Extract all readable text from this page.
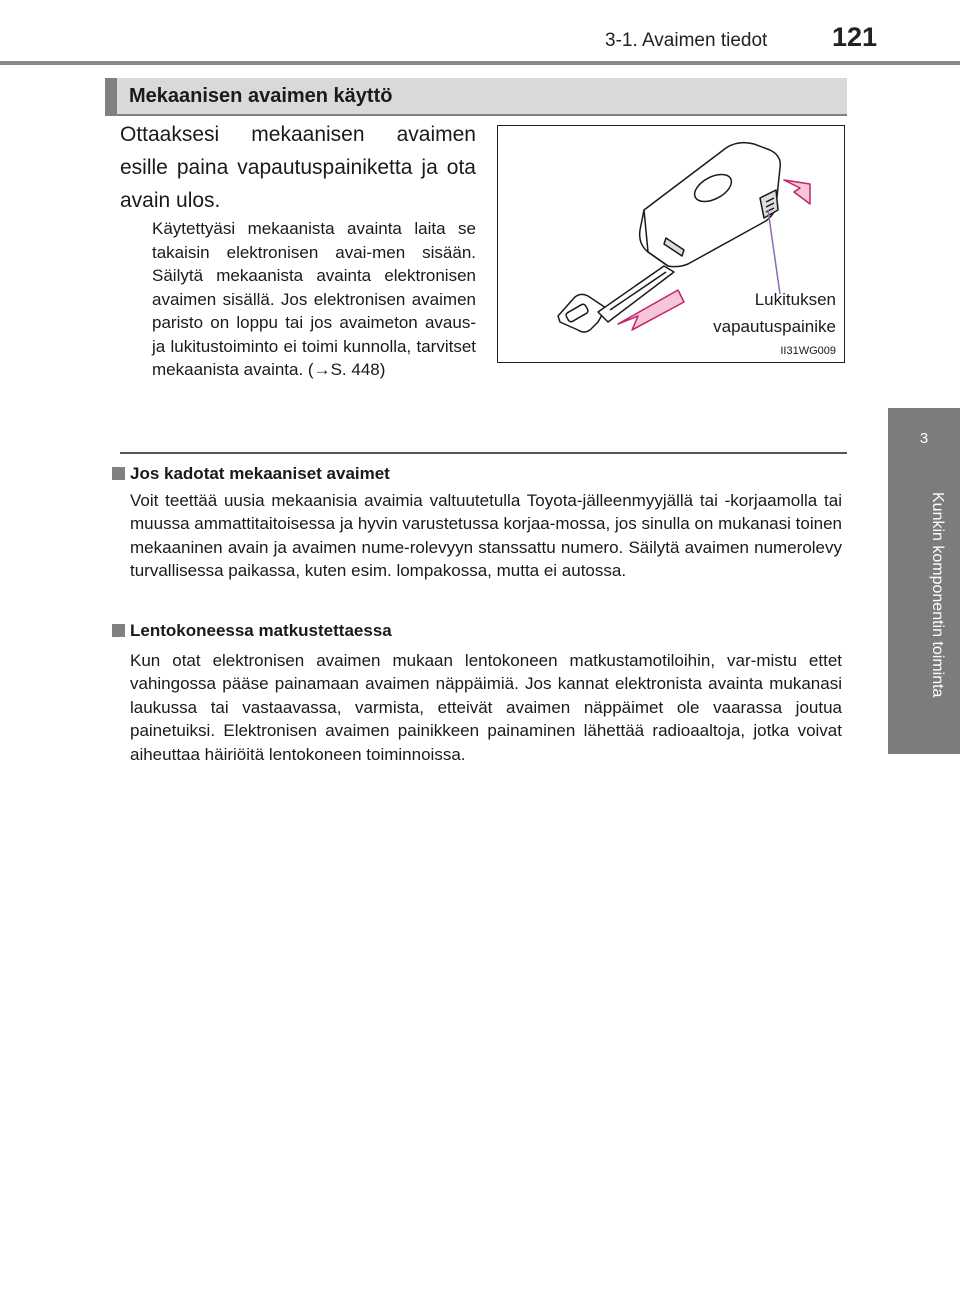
3-1. Avaimen tiedot 121
3
Kunkin komponentin toiminta
Mekaanisen avaimen käyttö
Ottaaksesi mekaanisen avaimen esille paina vapautuspainiketta ja ota avain ulos.
Käytettyäsi mekaanista avainta laita se takaisin elektronisen avai-men sisään. Säilytä mekaanista avainta elektronisen avaimen sisällä. Jos elektronisen avaimen paristo on loppu tai jos avaimeton avaus- ja lukitustoiminto ei toimi kunnolla, tarvitset mekaanista avainta. (→S. 448)
Lukituksen
vapautuspainike
II31WG009
Jos kadotat mekaaniset avaimet
Voit teettää uusia mekaanisia avaimia valtuutetulla Toyota-jälleenmyyjällä tai -korjaamolla tai muussa ammattitaitoisessa ja hyvin varustetussa korjaa-mossa, jos sinulla on mukanasi toinen mekaaninen avain ja avaimen nume-rolevyyn stanssattu numero. Säilytä avaimen numerolevy turvallisessa paikassa, kuten esim. lompakossa, mutta ei autossa.
Lentokoneessa matkustettaessa
Kun otat elektronisen avaimen mukaan lentokoneen matkustamotiloihin, var-mistu ettet vahingossa pääse painamaan avaimen näppäimiä. Jos kannat elektronista avainta mukanasi laukussa tai vastaavassa, varmista, etteivät avaimen näppäimet ole vaarassa joutua painetuiksi. Elektronisen avaimen painikkeen painaminen lähettää radioaaltoja, jotka voivat aiheuttaa häiriöitä lentokoneen toiminnoissa.
